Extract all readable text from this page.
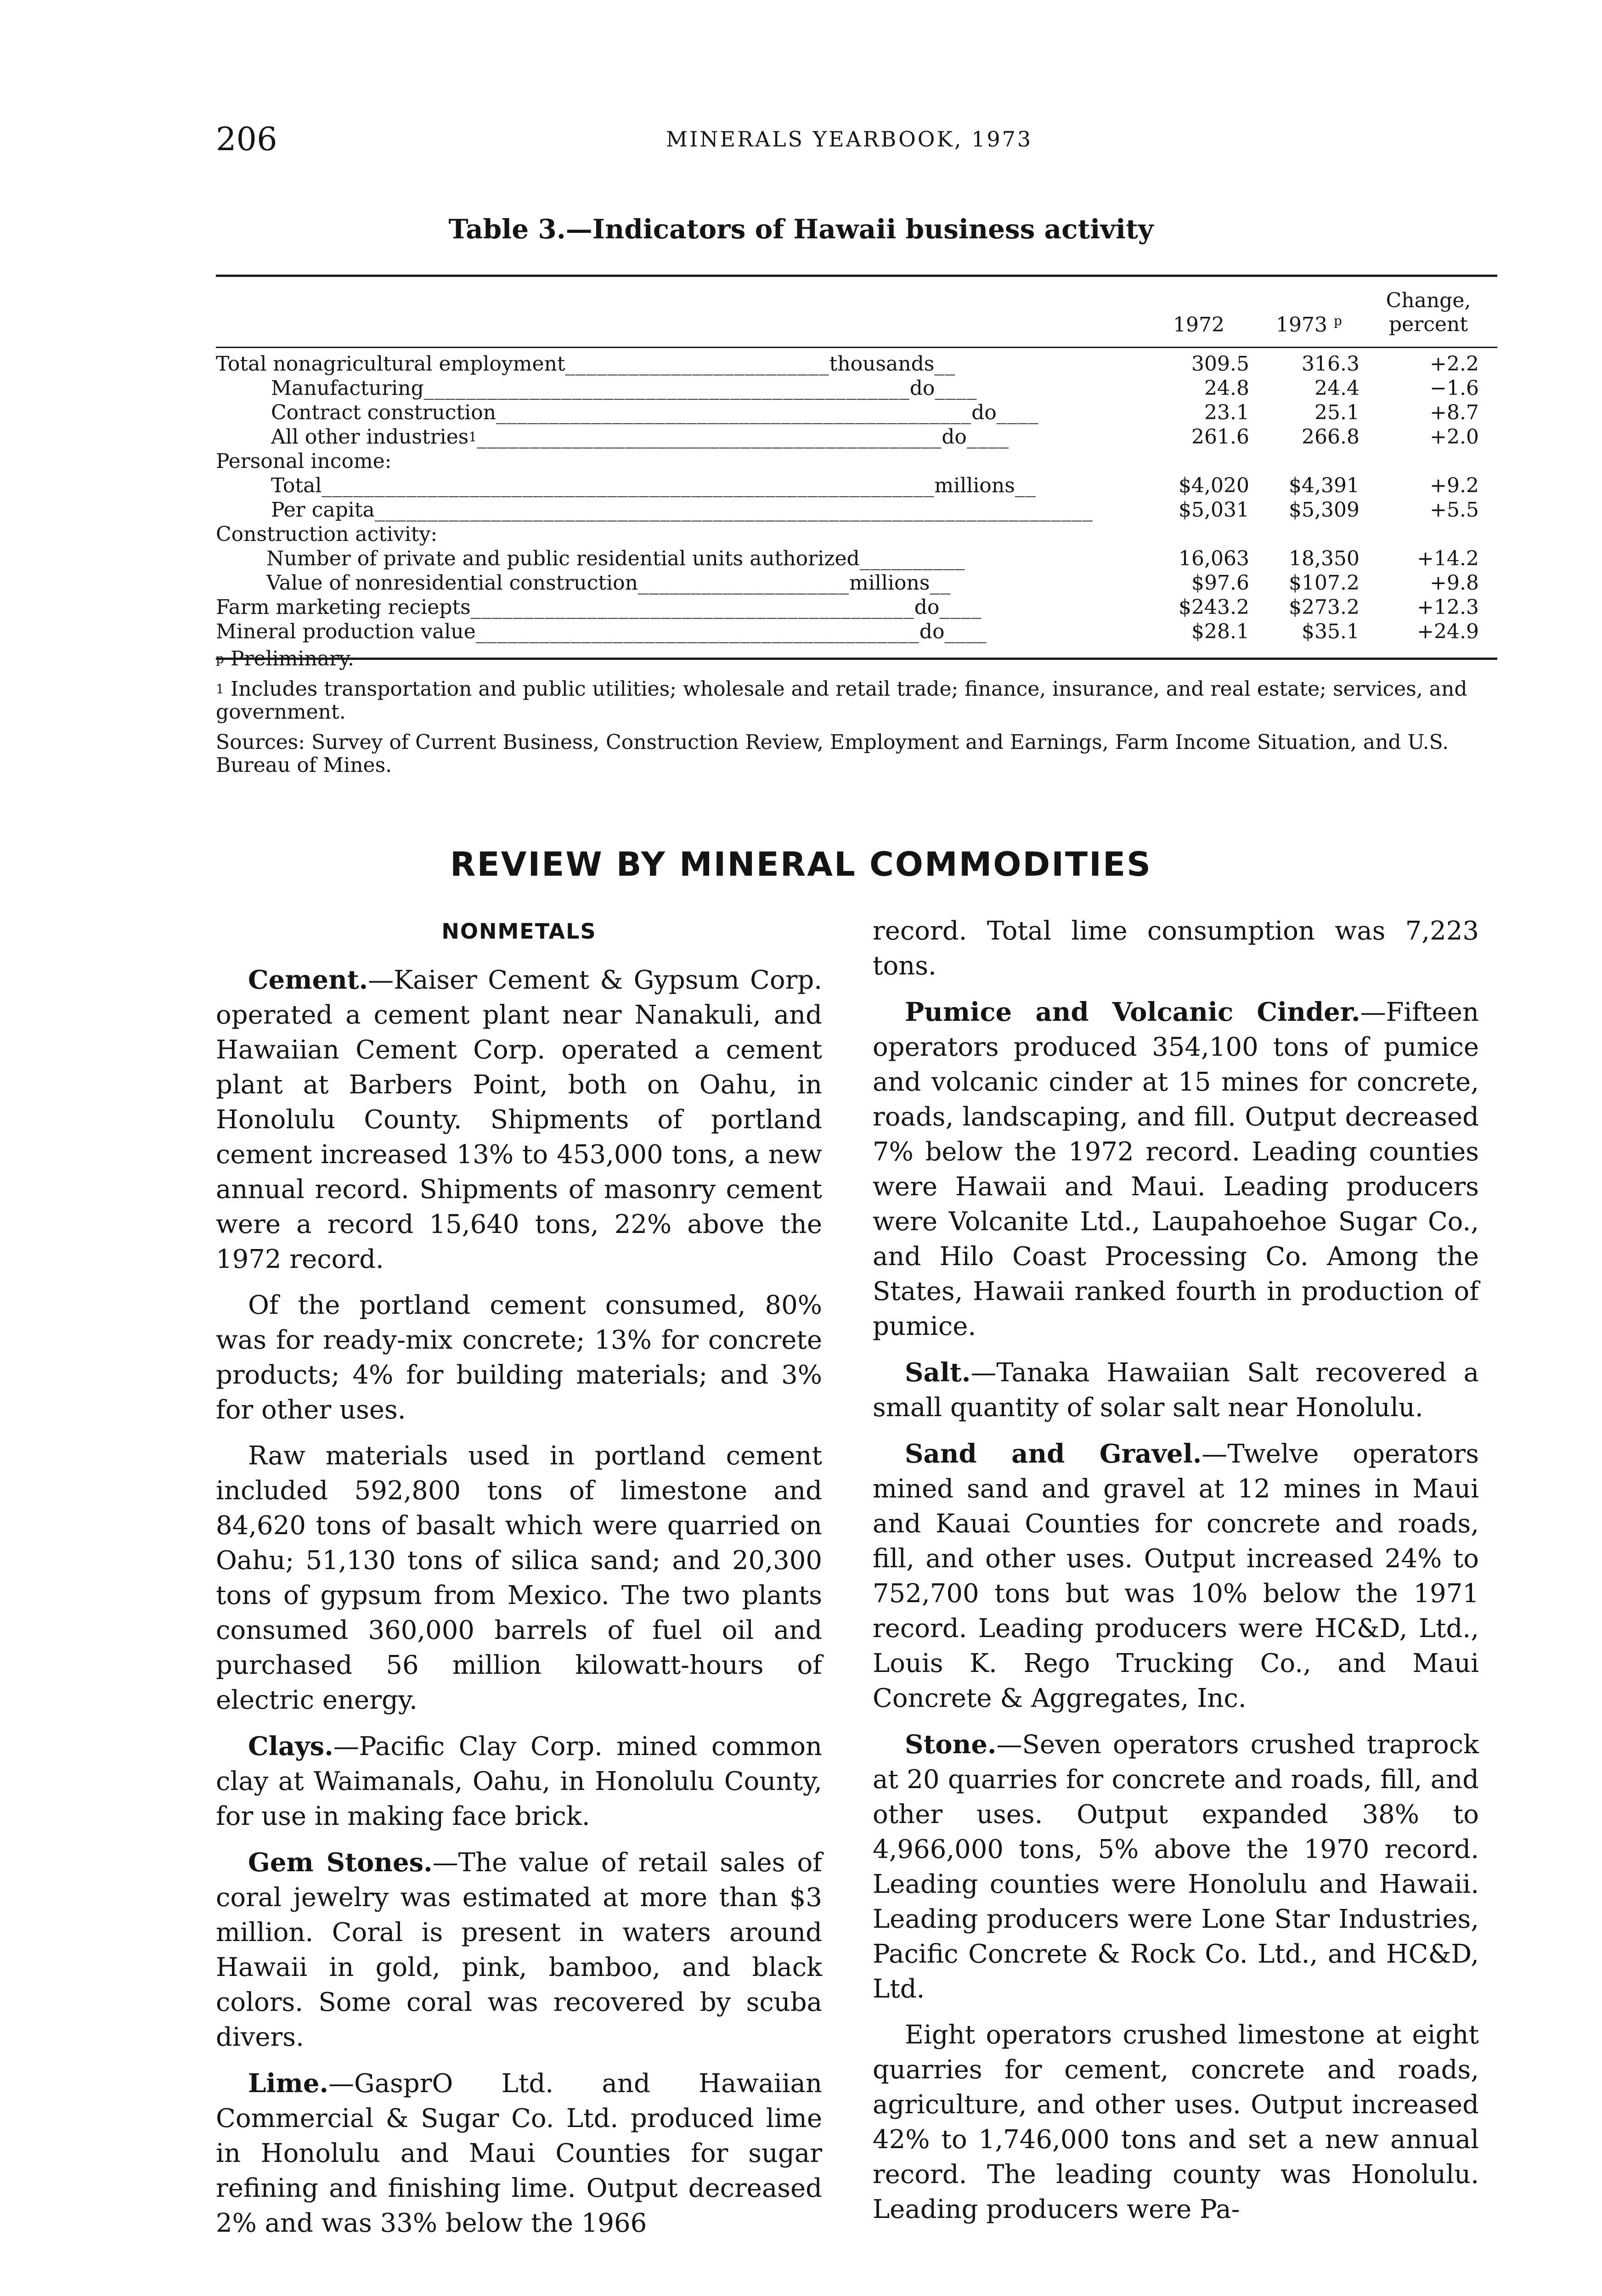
206	MINERALS YEARBOOK, 1973
Table 3.—Indicators of Hawaii business activity
1972	1973 $^p$
Change,
percent
Total nonagricultural employment_________________________thousands__	309.5	316.3	+2.2
Manufacturing______________________________________________do____	24.8	24.4	−1.6
Contract construction_____________________________________________do____	23.1	25.1	+8.7
All other industries$^1$____________________________________________do____	261.6	266.8	+2.0
Personal income:
Total__________________________________________________________millions__	$4,020	$4,391	+9.2
Per capita____________________________________________________________________	$5,031	$5,309	+5.5
Construction activity:
Number of private and public residential units authorized__________	16,063	18,350	+14.2
Value of nonresidential construction____________________millions__	$97.6	$107.2	+9.8
Farm marketing reciepts__________________________________________do____	$243.2	$273.2	+12.3
Mineral production value__________________________________________do____	$28.1	$35.1	+24.9

$^p$ Preliminary.

$^1$ Includes transportation and public utilities; wholesale and retail trade; finance, insurance, and real estate; services, and government.

Sources: Survey of Current Business, Construction Review, Employment and Earnings, Farm Income Situation, and U.S. Bureau of Mines.

REVIEW BY MINERAL COMMODITIES
NONMETALS

Cement.—Kaiser Cement & Gypsum Corp. operated a cement plant near Nanakuli, and Hawaiian Cement Corp. operated a cement plant at Barbers Point, both on Oahu, in Honolulu County. Shipments of portland cement increased 13% to 453,000 tons, a new annual record. Shipments of masonry cement were a record 15,640 tons, 22% above the 1972 record.

Of the portland cement consumed, 80% was for ready-mix concrete; 13% for concrete products; 4% for building materials; and 3% for other uses.

Raw materials used in portland cement included 592,800 tons of limestone and 84,620 tons of basalt which were quarried on Oahu; 51,130 tons of silica sand; and 20,300 tons of gypsum from Mexico. The two plants consumed 360,000 barrels of fuel oil and purchased 56 million kilowatt-hours of electric energy.

Clays.—Pacific Clay Corp. mined common clay at Waimanals, Oahu, in Honolulu County, for use in making face brick.

Gem Stones.—The value of retail sales of coral jewelry was estimated at more than $3 million. Coral is present in waters around Hawaii in gold, pink, bamboo, and black colors. Some coral was recovered by scuba divers.

Lime.—GasprO Ltd. and Hawaiian Commercial & Sugar Co. Ltd. produced lime in Honolulu and Maui Counties for sugar refining and finishing lime. Output decreased 2% and was 33% below the 1966

record. Total lime consumption was 7,223 tons.

Pumice and Volcanic Cinder.—Fifteen operators produced 354,100 tons of pumice and volcanic cinder at 15 mines for concrete, roads, landscaping, and fill. Output decreased 7% below the 1972 record. Leading counties were Hawaii and Maui. Leading producers were Volcanite Ltd., Laupahoehoe Sugar Co., and Hilo Coast Processing Co. Among the States, Hawaii ranked fourth in production of pumice.

Salt.—Tanaka Hawaiian Salt recovered a small quantity of solar salt near Honolulu.

Sand and Gravel.—Twelve operators mined sand and gravel at 12 mines in Maui and Kauai Counties for concrete and roads, fill, and other uses. Output increased 24% to 752,700 tons but was 10% below the 1971 record. Leading producers were HC&D, Ltd., Louis K. Rego Trucking Co., and Maui Concrete & Aggregates, Inc.

Stone.—Seven operators crushed traprock at 20 quarries for concrete and roads, fill, and other uses. Output expanded 38% to 4,966,000 tons, 5% above the 1970 record. Leading counties were Honolulu and Hawaii. Leading producers were Lone Star Industries, Pacific Concrete & Rock Co. Ltd., and HC&D, Ltd.

Eight operators crushed limestone at eight quarries for cement, concrete and roads, agriculture, and other uses. Output increased 42% to 1,746,000 tons and set a new annual record. The leading county was Honolulu. Leading producers were Pa-
